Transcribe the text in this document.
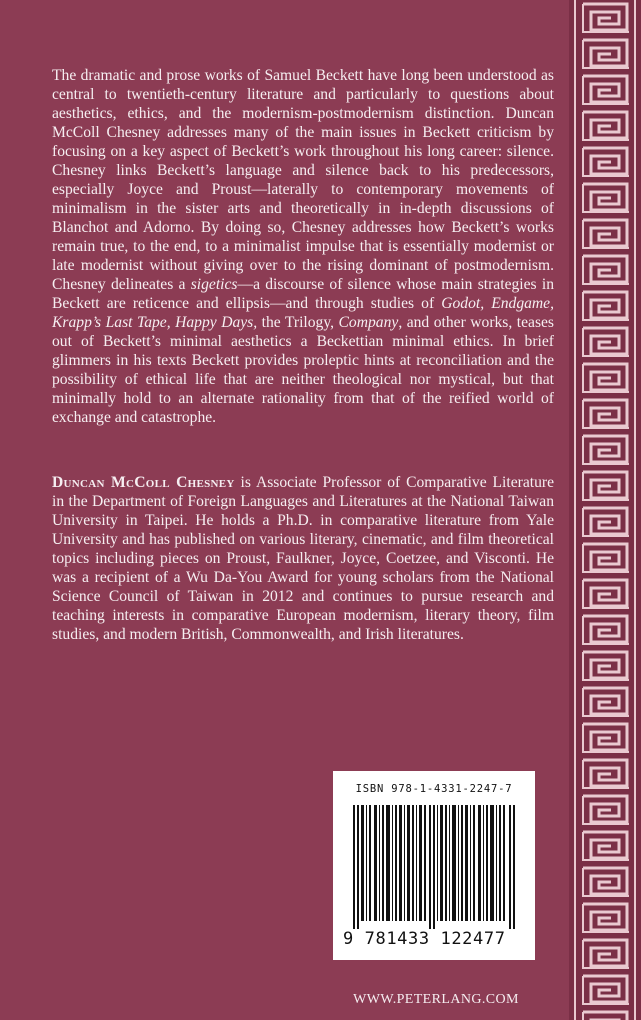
The dramatic and prose works of Samuel Beckett have long been understood as central to twentieth-century literature and particularly to questions about aesthetics, ethics, and the modernism-postmodernism distinction. Duncan McColl Chesney addresses many of the main issues in Beckett criticism by focusing on a key aspect of Beckett’s work throughout his long career: silence. Chesney links Beckett’s language and silence back to his predecessors, especially Joyce and Proust—laterally to contemporary movements of minimalism in the sister arts and theoretically in in-depth discussions of Blanchot and Adorno. By doing so, Chesney addresses how Beckett’s works remain true, to the end, to a minimalist impulse that is essentially modernist or late modernist without giving over to the rising dominant of postmodernism. Chesney delineates a sigetics—a discourse of silence whose main strategies in Beckett are reticence and ellipsis—and through studies of Godot, Endgame, Krapp’s Last Tape, Happy Days, the Trilogy, Company, and other works, teases out of Beckett’s minimal aesthetics a Beckettian minimal ethics. In brief glimmers in his texts Beckett provides proleptic hints at reconciliation and the possibility of ethical life that are neither theological nor mystical, but that minimally hold to an alternate rationality from that of the reified world of exchange and catastrophe.

Duncan McColl Chesney is Associate Professor of Comparative Literature in the Department of Foreign Languages and Literatures at the National Taiwan University in Taipei. He holds a Ph.D. in comparative literature from Yale University and has published on various literary, cinematic, and film theoretical topics including pieces on Proust, Faulkner, Joyce, Coetzee, and Visconti. He was a recipient of a Wu Da-You Award for young scholars from the National Science Council of Taiwan in 2012 and continues to pursue research and teaching interests in comparative European modernism, literary theory, film studies, and modern British, Commonwealth, and Irish literatures.

ISBN 978-1-4331-2247-7
9 781433 122477
WWW.PETERLANG.COM
